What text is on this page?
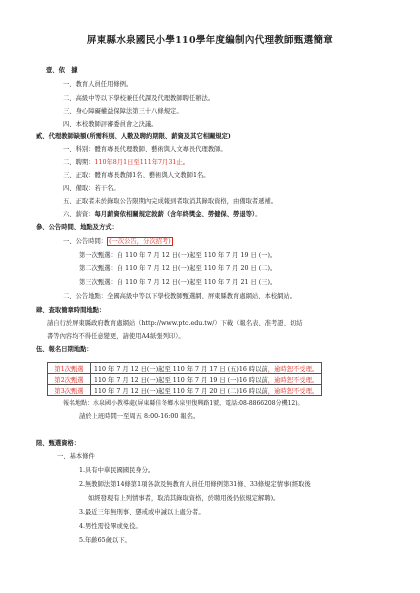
屏東縣水泉國民小學110學年度編制內代理教師甄選簡章
壹、依　據
一、教育人員任用條例。
二、高級中等以下學校兼任代課及代理教師聘任辦法。
三、身心障礙權益保障法第三十八條規定。
四、本校教師評審委員會之決議。
貳、代理教師缺額(所需科別、人數及聘約期限、薪資及其它相關規定)
一、科別：體育專長代理教師、藝術與人文專長代理教師。
二、聘期：110年8月1日至111年7月31止。
三、正取：體育專長教師1名、藝術與人文教師1名。
四、備取：若干名。
五、正取者未於錄取公告限期內完成報到者取消其錄取資格，由備取者遞補。
六、薪資：每月薪資依相關規定敘薪（含年終獎金、勞健保、勞退等）。
參、公告時間、地點及方式：
一、公告時間： (一次公告，分次招考)
第一次甄選：自 110 年 7 月 12 日(一)起至 110 年 7 月 19 日 (一)。
第二次甄選：自 110 年 7 月 12 日(一)起至 110 年 7 月 20 日 (二)。
第三次甄選：自 110 年 7 月 12 日(一)起至 110 年 7 月 21 日 (三)。
二、公告地點：全國高級中等以下學校教師甄選網、屏東縣教育處網站、本校網站。
肆、查取簡章時間地點：
請自行於屏東縣政府教育處網站（http://www.ptc.edu.tw/）下載（報名表、准考證、切結
書等內容均不得任意變更，請使用A4紙張列印）。
伍、報名日期地點：
第1次甄選	110 年 7 月 12 日(一)起至 110 年 7 月 17 日 (五)16 時以前，逾時恕不受理。
第2次甄選	110 年 7 月 12 日(一)起至 110 年 7 月 19 日 (一)16 時以前，逾時恕不受理。
第3次甄選	110 年 7 月 12 日(一)起至 110 年 7 月 20 日 (二)16 時以前，逾時恕不受理。
報名地點：水泉國小教導處(屏東縣佳冬鄉水泉里復興路1號，電話:08-8866208分機12)。
請於上班時間一至周五 8:00-16:00 報名。
陸、甄選資格：
一、基本條件
1.具有中華民國國民身分。
2.無教師法第14條第1項各款及無教育人員任用條例第31條、33條規定情事(經取後
如經發現有上列情事者，取消其錄取資格，於聘用後仍依規定解聘)。
3.最近三年無刑事、懲戒或申誡以上處分者。
4.男性需役畢或免役。
5.年齡65歲以下。
